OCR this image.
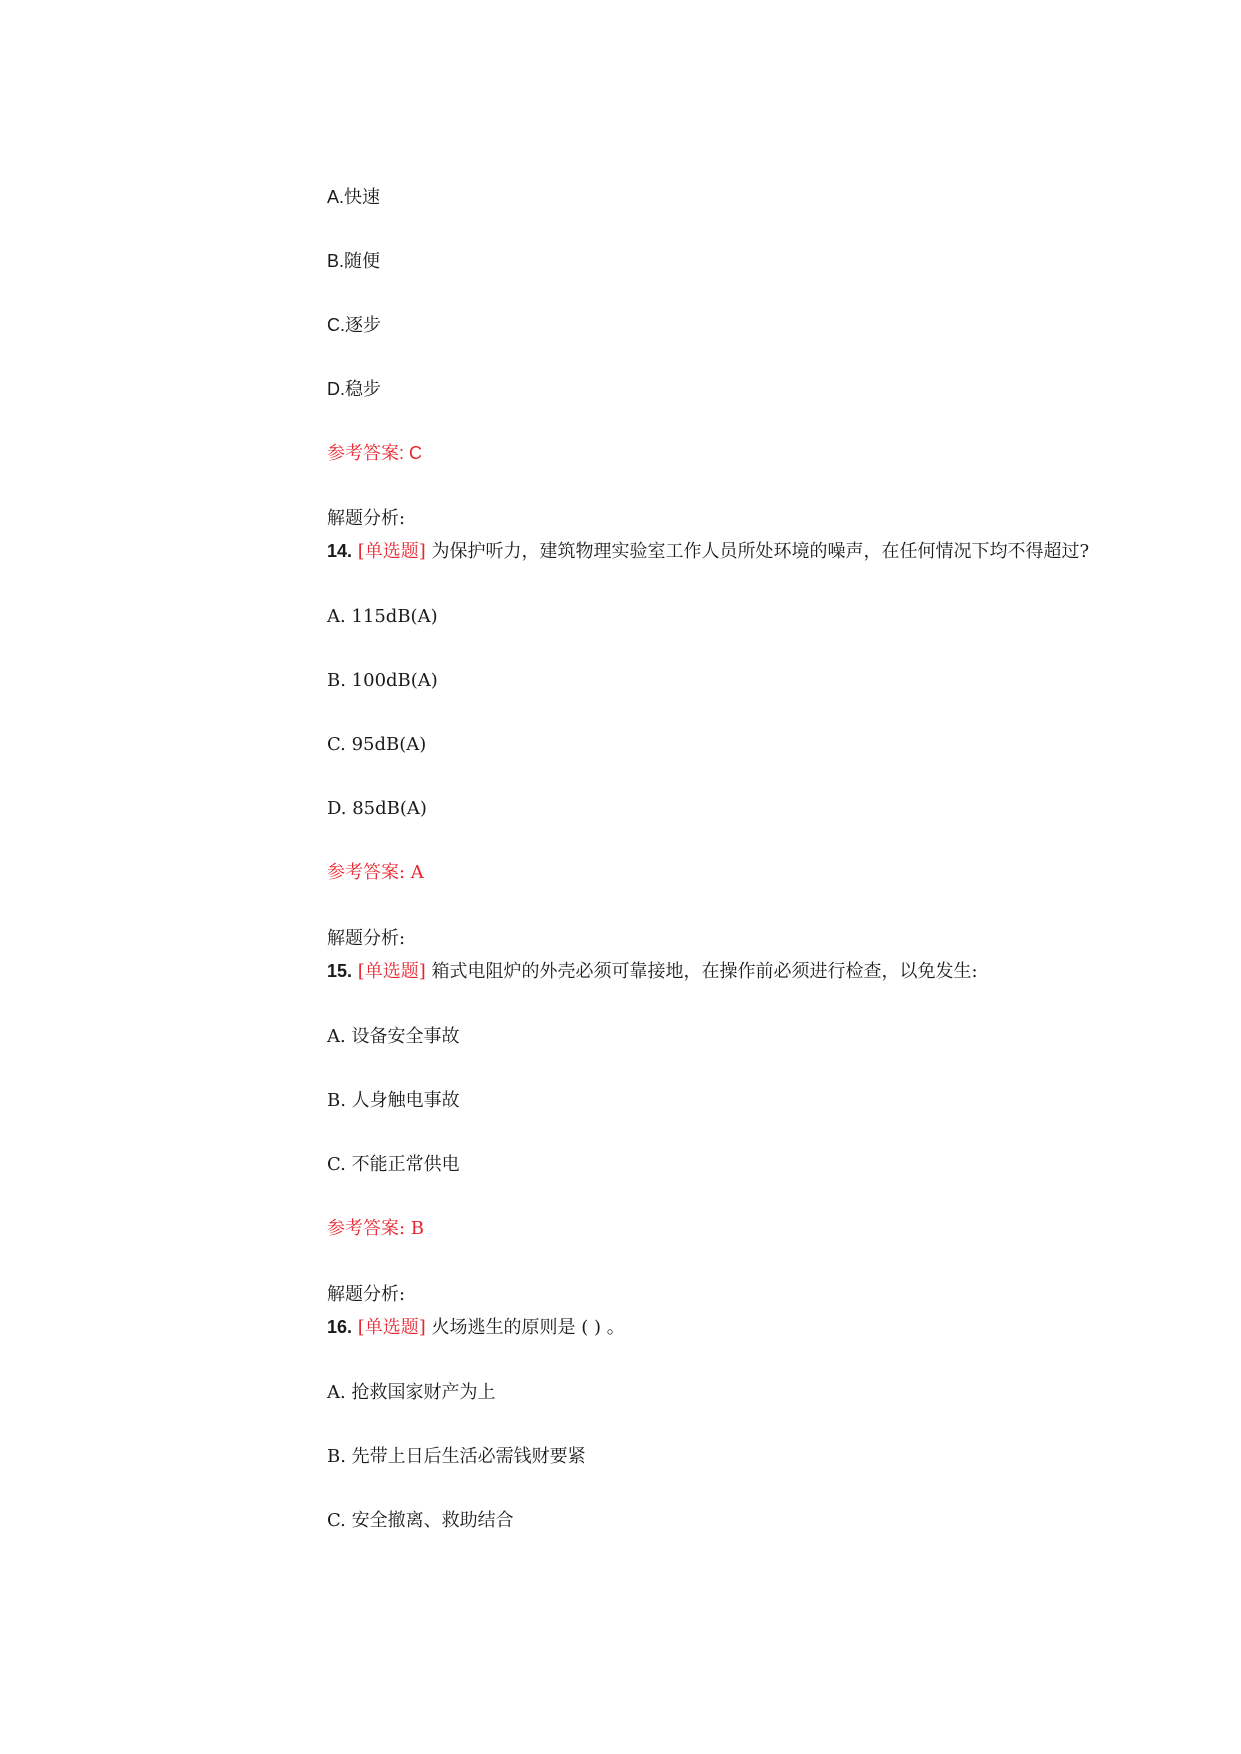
A.快速
B.随便
C.逐步
D.稳步
参考答案: C
解题分析:
14. [单选题] 为保护听力，建筑物理实验室工作人员所处环境的噪声，在任何情况下均不得超过?
A. 115dB(A)
B. 100dB(A)
C. 95dB(A)
D. 85dB(A)
参考答案: A
解题分析:
15. [单选题] 箱式电阻炉的外壳必须可靠接地，在操作前必须进行检查，以免发生:
A. 设备安全事故
B. 人身触电事故
C. 不能正常供电
参考答案: B
解题分析:
16. [单选题] 火场逃生的原则是 ( ) 。
A. 抢救国家财产为上
B. 先带上日后生活必需钱财要紧
C. 安全撤离、救助结合
